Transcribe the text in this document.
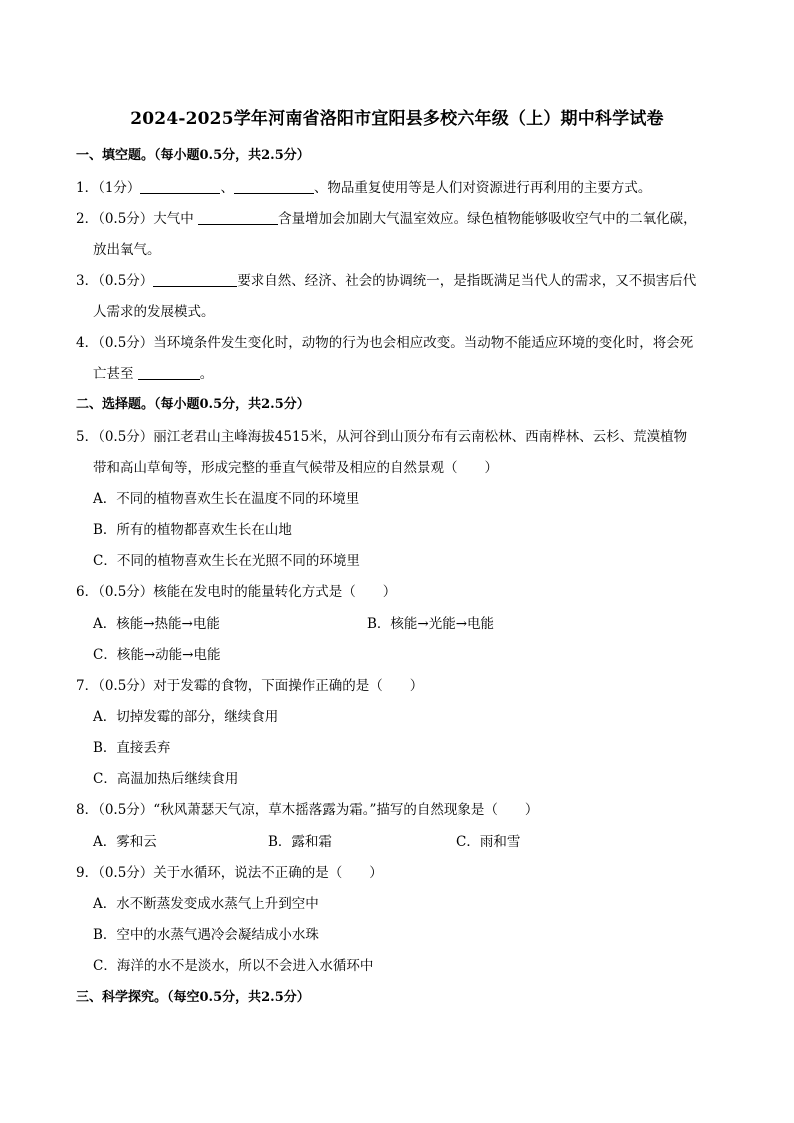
2024-2025学年河南省洛阳市宜阳县多校六年级（上）期中科学试卷
一、填空题。（每小题0.5分，共2.5分）
1．（1分）	、	、物品重复使用等是人们对资源进行再利用的主要方式。
2．（0.5分）大气中	含量增加会加剧大气温室效应。绿色植物能够吸收空气中的二氧化碳，
放出氧气。
3．（0.5分）	要求自然、经济、社会的协调统一，是指既满足当代人的需求，又不损害后代
人需求的发展模式。
4．（0.5分）当环境条件发生变化时，动物的行为也会相应改变。当动物不能适应环境的变化时，将会死
亡甚至	。
二、选择题。（每小题0.5分，共2.5分）
5．（0.5分）丽江老君山主峰海拔4515米，从河谷到山顶分布有云南松林、西南桦林、云杉、荒漠植物
带和高山草甸等，形成完整的垂直气候带及相应的自然景观（　　）
A．不同的植物喜欢生长在温度不同的环境里
B．所有的植物都喜欢生长在山地
C．不同的植物喜欢生长在光照不同的环境里
6．（0.5分）核能在发电时的能量转化方式是（　　）
A．核能→热能→电能	B．核能→光能→电能
C．核能→动能→电能
7．（0.5分）对于发霉的食物，下面操作正确的是（　　）
A．切掉发霉的部分，继续食用
B．直接丢弃
C．高温加热后继续食用
8．（0.5分）“秋风萧瑟天气凉，草木摇落露为霜。”描写的自然现象是（　　）
A．雾和云	B．露和霜	C．雨和雪
9．（0.5分）关于水循环，说法不正确的是（　　）
A．水不断蒸发变成水蒸气上升到空中
B．空中的水蒸气遇冷会凝结成小水珠
C．海洋的水不是淡水，所以不会进入水循环中
三、科学探究。（每空0.5分，共2.5分）
